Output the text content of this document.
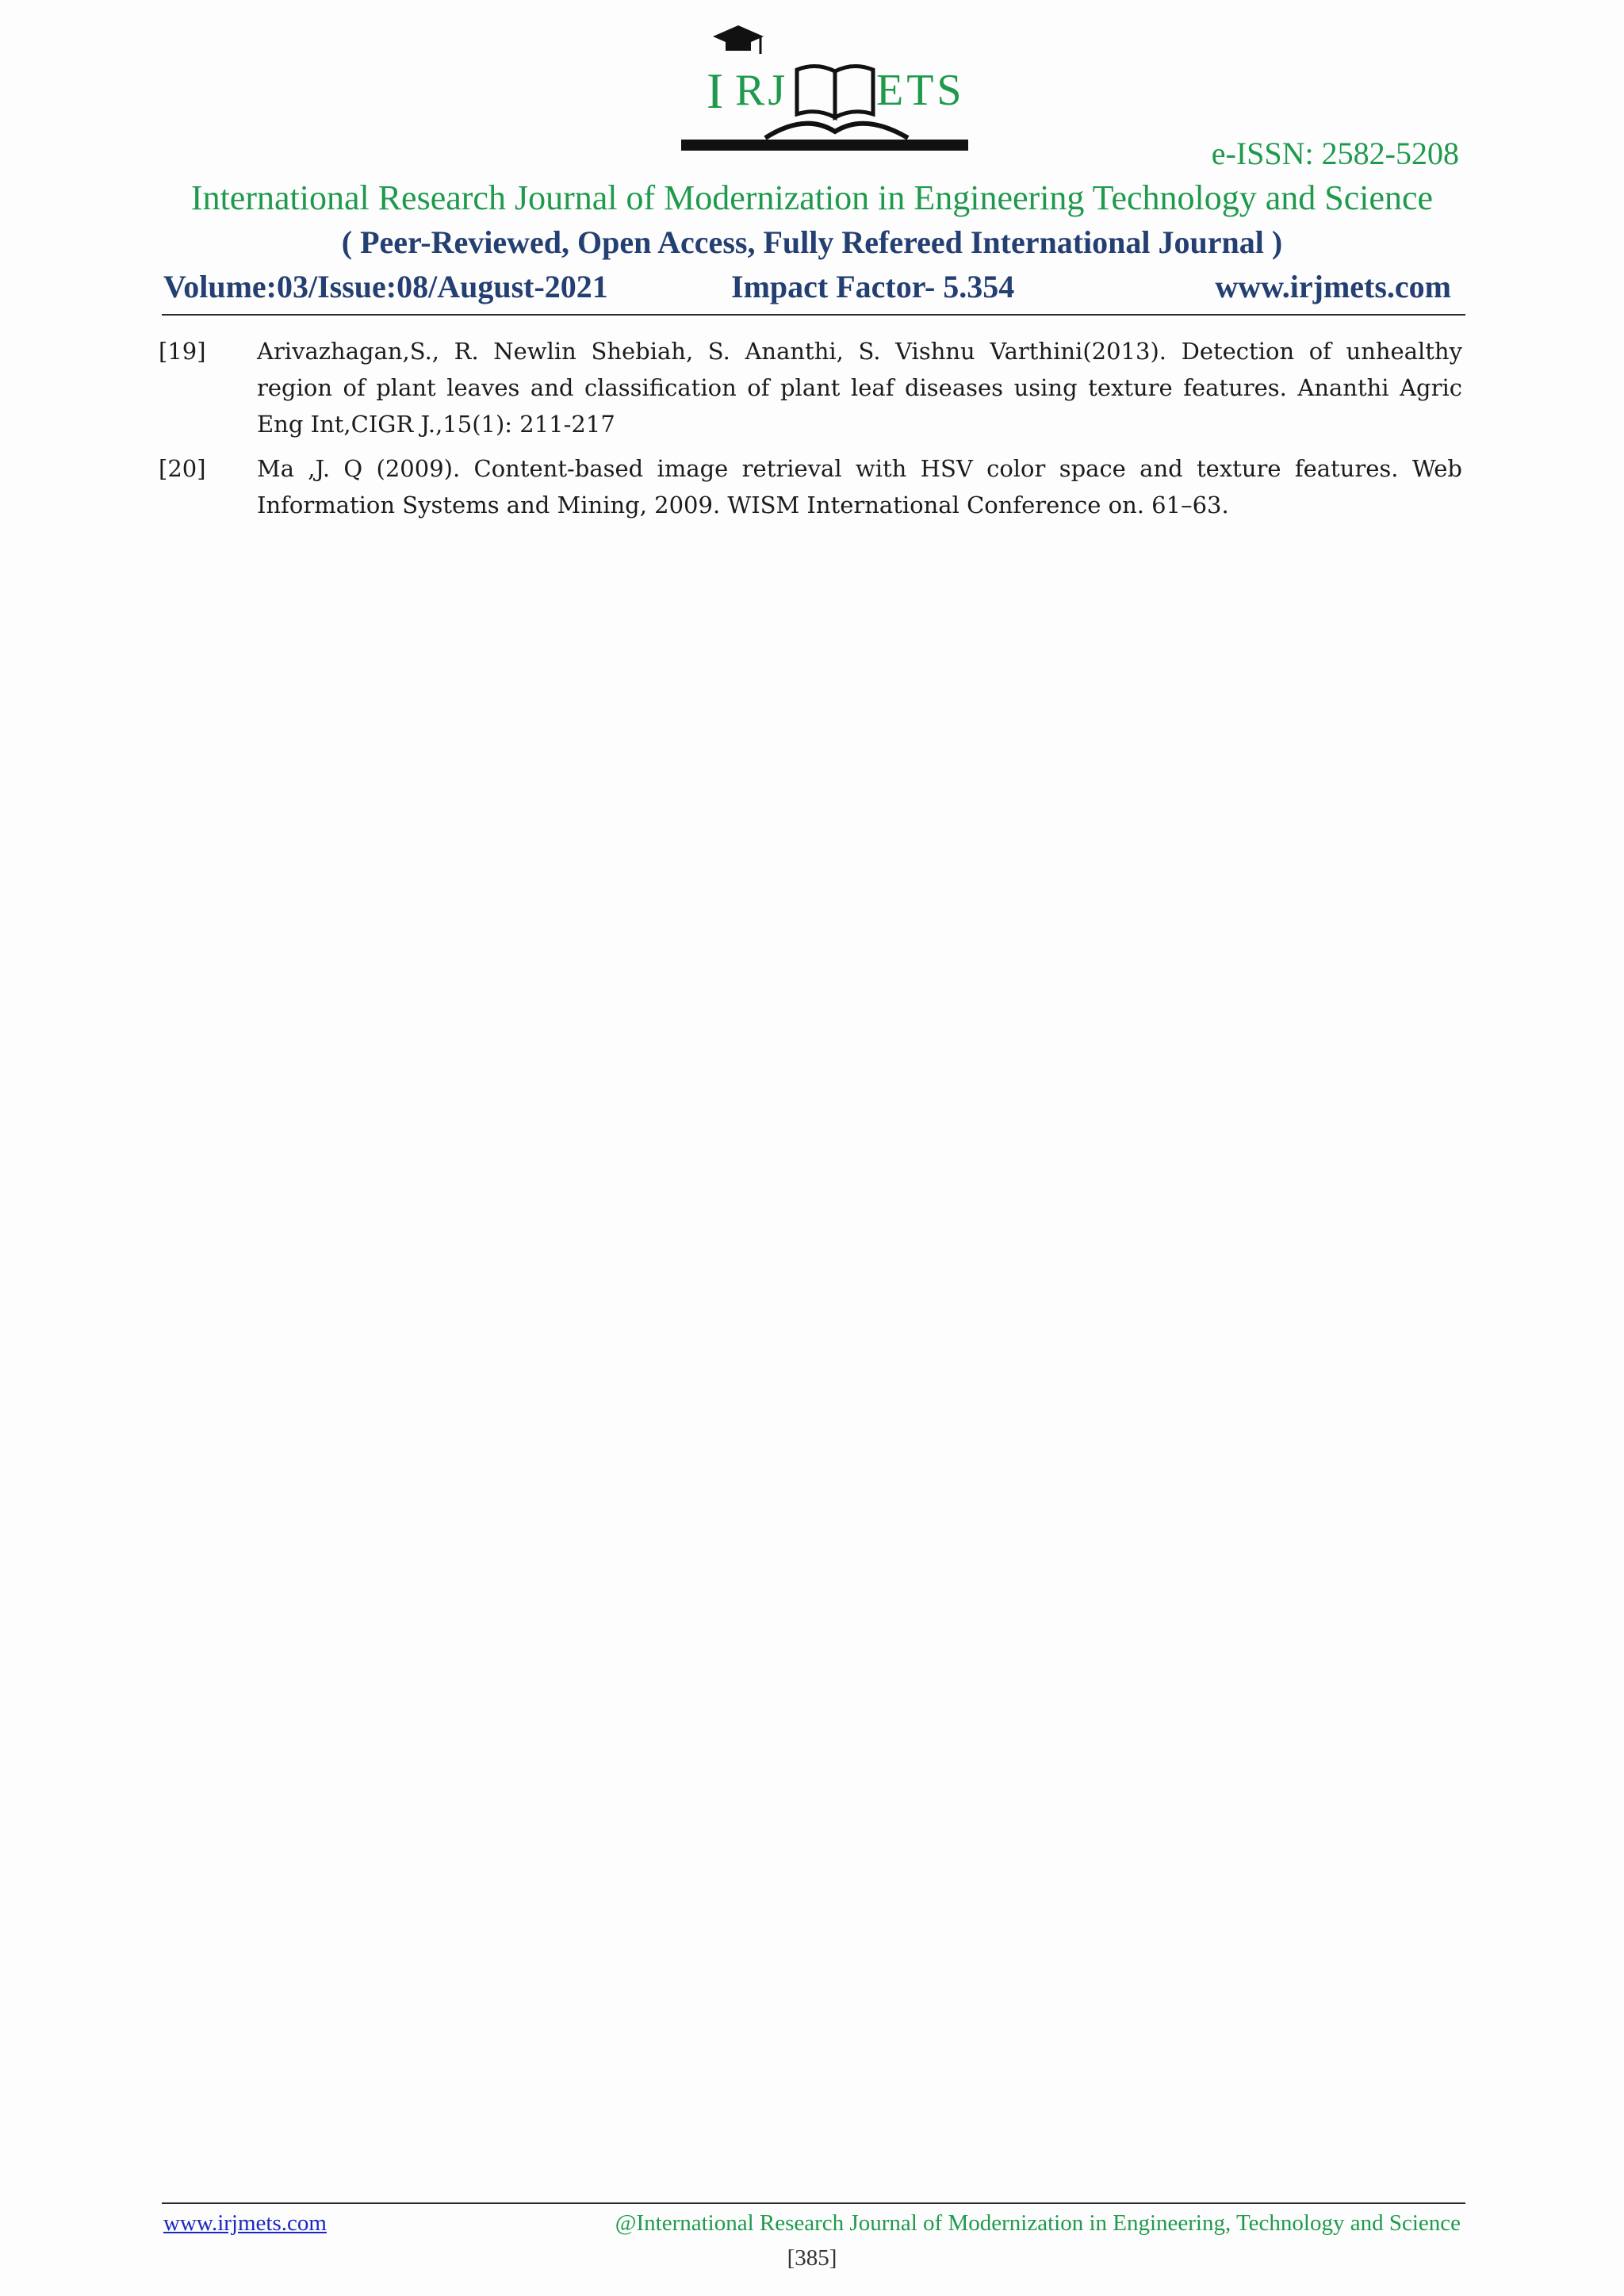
I RJ ETS
e-ISSN: 2582-5208
International Research Journal of Modernization in Engineering Technology and Science
( Peer-Reviewed, Open Access, Fully Refereed International Journal )
Volume:03/Issue:08/August-2021	Impact Factor- 5.354	www.irjmets.com
[19] Arivazhagan,S., R. Newlin Shebiah, S. Ananthi, S. Vishnu Varthini(2013). Detection of unhealthy region of plant leaves and classification of plant leaf diseases using texture features. Ananthi Agric Eng Int,CIGR J.,15(1): 211-217
[20] Ma ,J. Q (2009). Content-based image retrieval with HSV color space and texture features. Web Information Systems and Mining, 2009. WISM International Conference on. 61–63.
www.irjmets.com	@International Research Journal of Modernization in Engineering, Technology and Science
[385]
